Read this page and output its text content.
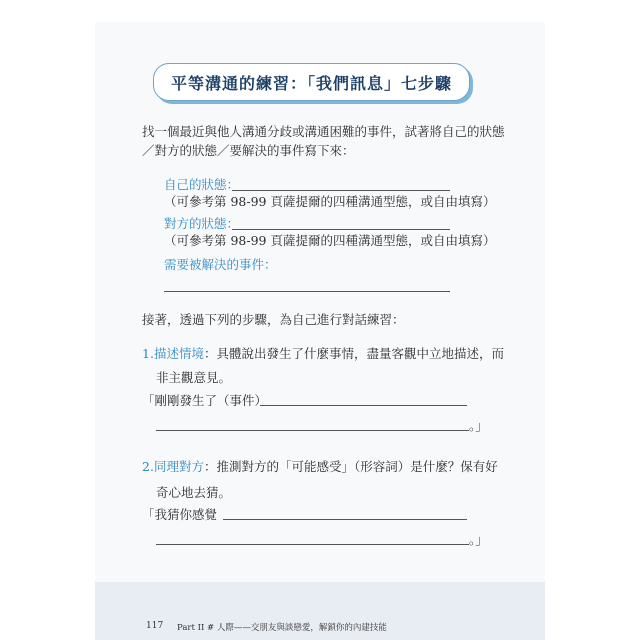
平等溝通的練習：「我們訊息」七步驟
找一個最近與他人溝通分歧或溝通困難的事件，試著將自己的狀態
／對方的狀態／要解決的事件寫下來：
自己的狀態：
（可參考第 98-99 頁薩提爾的四種溝通型態，或自由填寫）
對方的狀態：
（可參考第 98-99 頁薩提爾的四種溝通型態，或自由填寫）
需要被解決的事件：
接著，透過下列的步驟，為自己進行對話練習：
1.描述情境：具體說出發生了什麼事情，盡量客觀中立地描述，而
非主觀意見。
「剛剛發生了（事件）
。」
2.同理對方：推測對方的「可能感受」（形容詞）是什麼？保有好
奇心地去猜。
「我猜你感覺
。」
117 Part II # 人際——交朋友與談戀愛，解鎖你的內建技能
